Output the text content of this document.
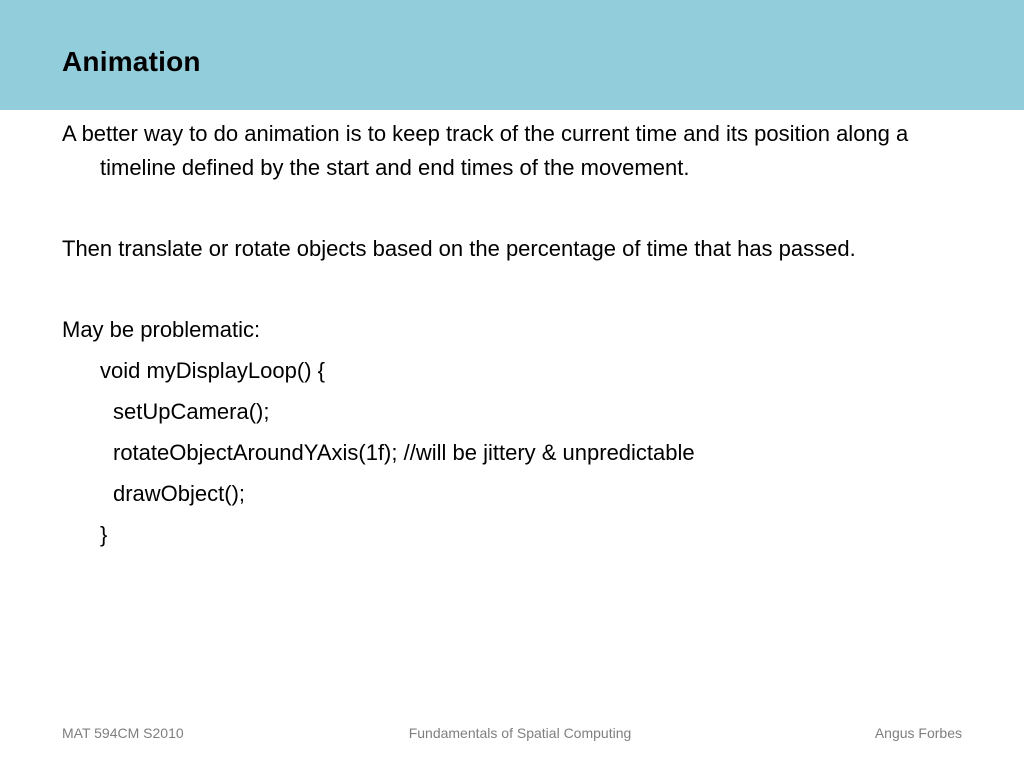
Animation

A better way to do animation is to keep track of the current time and its position along a timeline defined by the start and end times of the movement.

Then translate or rotate objects based on the percentage of time that has passed.

May be problematic:

void myDisplayLoop() {

setUpCamera();

rotateObjectAroundYAxis(1f); //will be jittery & unpredictable

drawObject();

}

MAT 594CM S2010	Fundamentals of Spatial Computing	Angus Forbes
